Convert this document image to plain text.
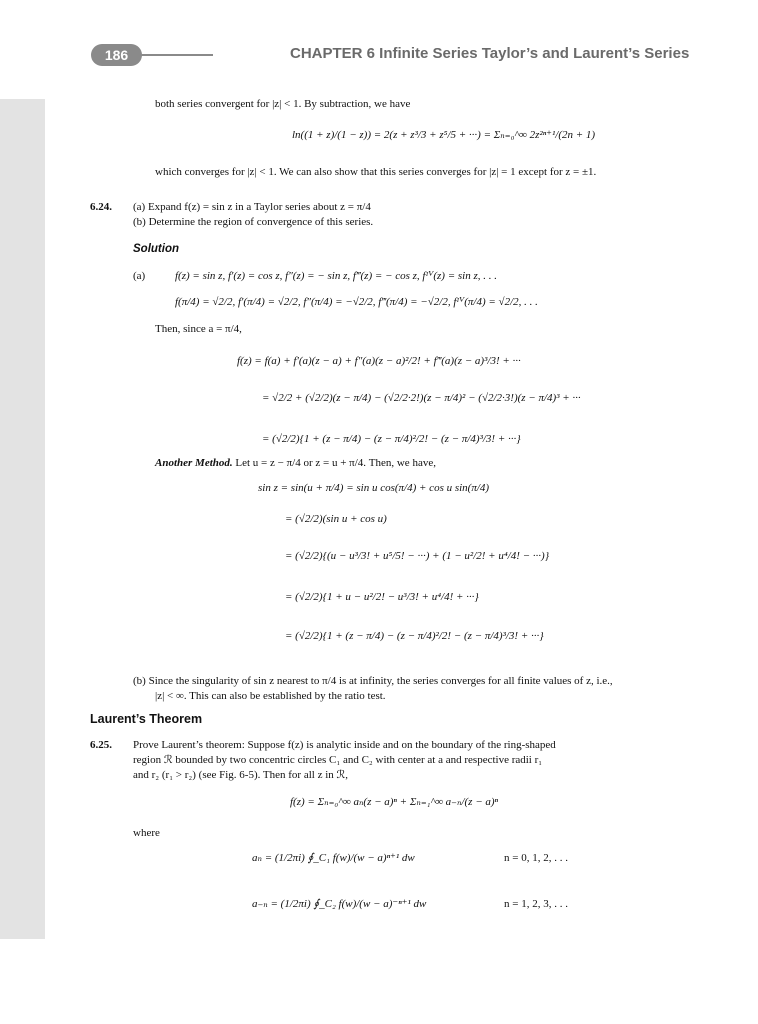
186	CHAPTER 6 Infinite Series Taylor’s and Laurent’s Series
both series convergent for |z| < 1. By subtraction, we have
ln((1 + z)/(1 − z)) = 2(z + z³/3 + z⁵/5 + ···) = Σₙ₌₀^∞ 2z²ⁿ⁺¹/(2n + 1)
which converges for |z| < 1. We can also show that this series converges for |z| = 1 except for z = ±1.
6.24. (a) Expand f(z) = sin z in a Taylor series about z = π/4
(b) Determine the region of convergence of this series.
Solution
(a)	f(z) = sin z, f′(z) = cos z, f″(z) = − sin z, f‴(z) = − cos z, fᴵⱽ(z) = sin z, . . .
f(π/4) = √2/2, f′(π/4) = √2/2, f″(π/4) = −√2/2, f‴(π/4) = −√2/2, fᴵⱽ(π/4) = √2/2, . . .
Then, since a = π/4,
f(z) = f(a) + f′(a)(z − a) + f″(a)(z − a)²/2! + f‴(a)(z − a)³/3! + ···
= √2/2 + (√2/2)(z − π/4) − (√2/2·2!)(z − π/4)² − (√2/2·3!)(z − π/4)³ + ···
= (√2/2){1 + (z − π/4) − (z − π/4)²/2! − (z − π/4)³/3! + ···}
Another Method. Let u = z − π/4 or z = u + π/4. Then, we have,
sin z = sin(u + π/4) = sin u cos(π/4) + cos u sin(π/4)
= (√2/2)(sin u + cos u)
= (√2/2){(u − u³/3! + u⁵/5! − ···) + (1 − u²/2! + u⁴/4! − ···)}
= (√2/2){1 + u − u²/2! − u³/3! + u⁴/4! + ···}
= (√2/2){1 + (z − π/4) − (z − π/4)²/2! − (z − π/4)³/3! + ···}
(b) Since the singularity of sin z nearest to π/4 is at infinity, the series converges for all finite values of z, i.e.,
|z| < ∞. This can also be established by the ratio test.
Laurent’s Theorem
6.25. Prove Laurent’s theorem: Suppose f(z) is analytic inside and on the boundary of the ring-shaped
region ℛ bounded by two concentric circles C₁ and C₂ with center at a and respective radii r₁
and r₂ (r₁ > r₂) (see Fig. 6-5). Then for all z in ℛ,
f(z) = Σₙ₌₀^∞ aₙ(z − a)ⁿ + Σₙ₌₁^∞ a₋ₙ/(z − a)ⁿ
where
aₙ = (1/2πi) ∮_C₁ f(w)/(w − a)ⁿ⁺¹ dw	n = 0, 1, 2, . . .
a₋ₙ = (1/2πi) ∮_C₂ f(w)/(w − a)⁻ⁿ⁺¹ dw	n = 1, 2, 3, . . .
